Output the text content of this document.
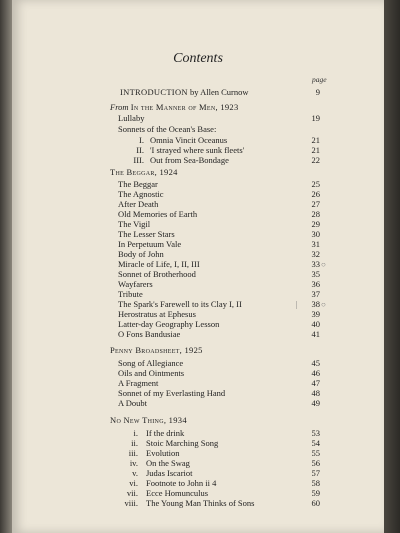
Contents
page
INTRODUCTION by Allen Curnow	9
From In the Manner of Men, 1923
Lullaby	19
Sonnets of the Ocean's Base:
I. Omnia Vincit Oceanus	21
II. 'I strayed where sunk fleets'	21
III. Out from Sea-Bondage	22
The Beggar, 1924
The Beggar	25
The Agnostic	26
After Death	27
Old Memories of Earth	28
The Vigil	29
The Lesser Stars	30
In Perpetuum Vale	31
Body of John	32
Miracle of Life, I, II, III	33 ○
Sonnet of Brotherhood	35
Wayfarers	36
Tribute	37
The Spark's Farewell to its Clay I, II	| 38 ○
Herostratus at Ephesus	39
Latter-day Geography Lesson	40
O Fons Bandusiae	41
Penny Broadsheet, 1925
Song of Allegiance	45
Oils and Ointments	46
A Fragment	47
Sonnet of my Everlasting Hand	48
A Doubt	49
No New Thing, 1934
i. If the drink	53
ii. Stoic Marching Song	54
iii. Evolution	55
iv. On the Swag	56
v. Judas Iscariot	57
vi. Footnote to John ii 4	58
vii. Ecce Homunculus	59
viii. The Young Man Thinks of Sons	60
